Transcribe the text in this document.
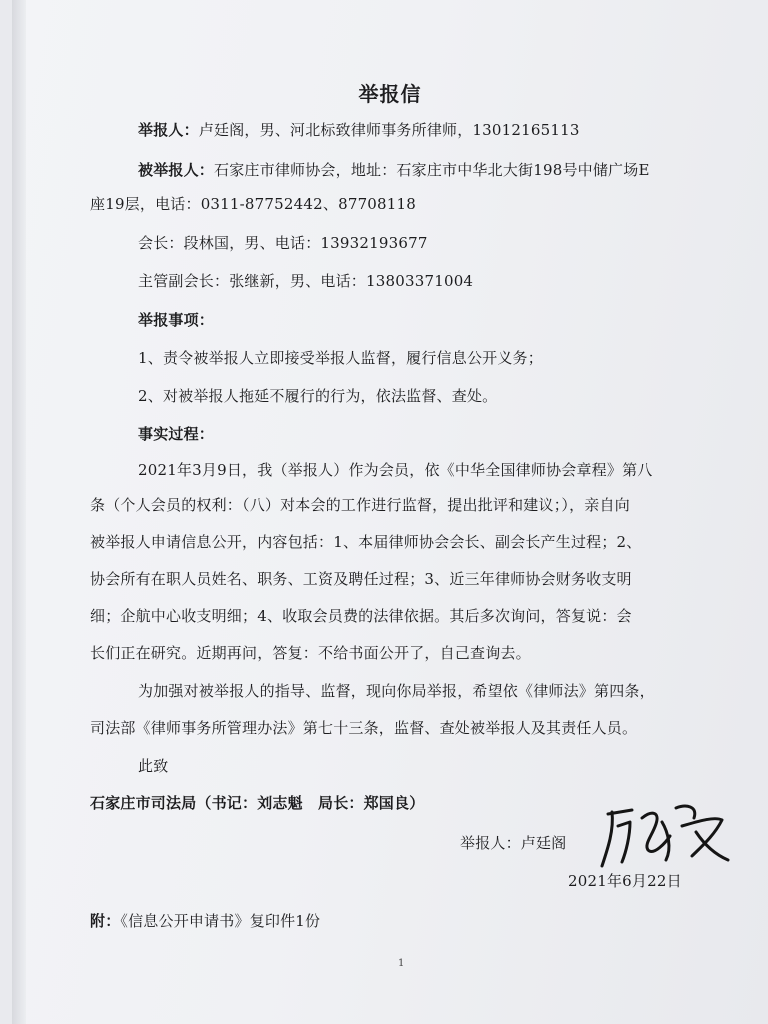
举报信
举报人：卢廷阁，男、河北标致律师事务所律师，13012165113
被举报人：石家庄市律师协会，地址：石家庄市中华北大街198号中储广场E
座19层，电话：0311-87752442、87708118
会长：段林国，男、电话：13932193677
主管副会长：张继新，男、电话：13803371004
举报事项：
1、责令被举报人立即接受举报人监督，履行信息公开义务；
2、对被举报人拖延不履行的行为，依法监督、查处。
事实过程：
2021年3月9日，我（举报人）作为会员，依《中华全国律师协会章程》第八
条（个人会员的权利：（八）对本会的工作进行监督，提出批评和建议；），亲自向
被举报人申请信息公开，内容包括：1、本届律师协会会长、副会长产生过程；2、
协会所有在职人员姓名、职务、工资及聘任过程；3、近三年律师协会财务收支明
细；企航中心收支明细；4、收取会员费的法律依据。其后多次询问，答复说：会
长们正在研究。近期再问，答复：不给书面公开了，自己查询去。
为加强对被举报人的指导、监督，现向你局举报，希望依《律师法》第四条，
司法部《律师事务所管理办法》第七十三条，监督、查处被举报人及其责任人员。
此致
石家庄市司法局（书记：刘志魁　局长：郑国良）
举报人：卢廷阁
2021年6月22日
附：《信息公开申请书》复印件1份
1
